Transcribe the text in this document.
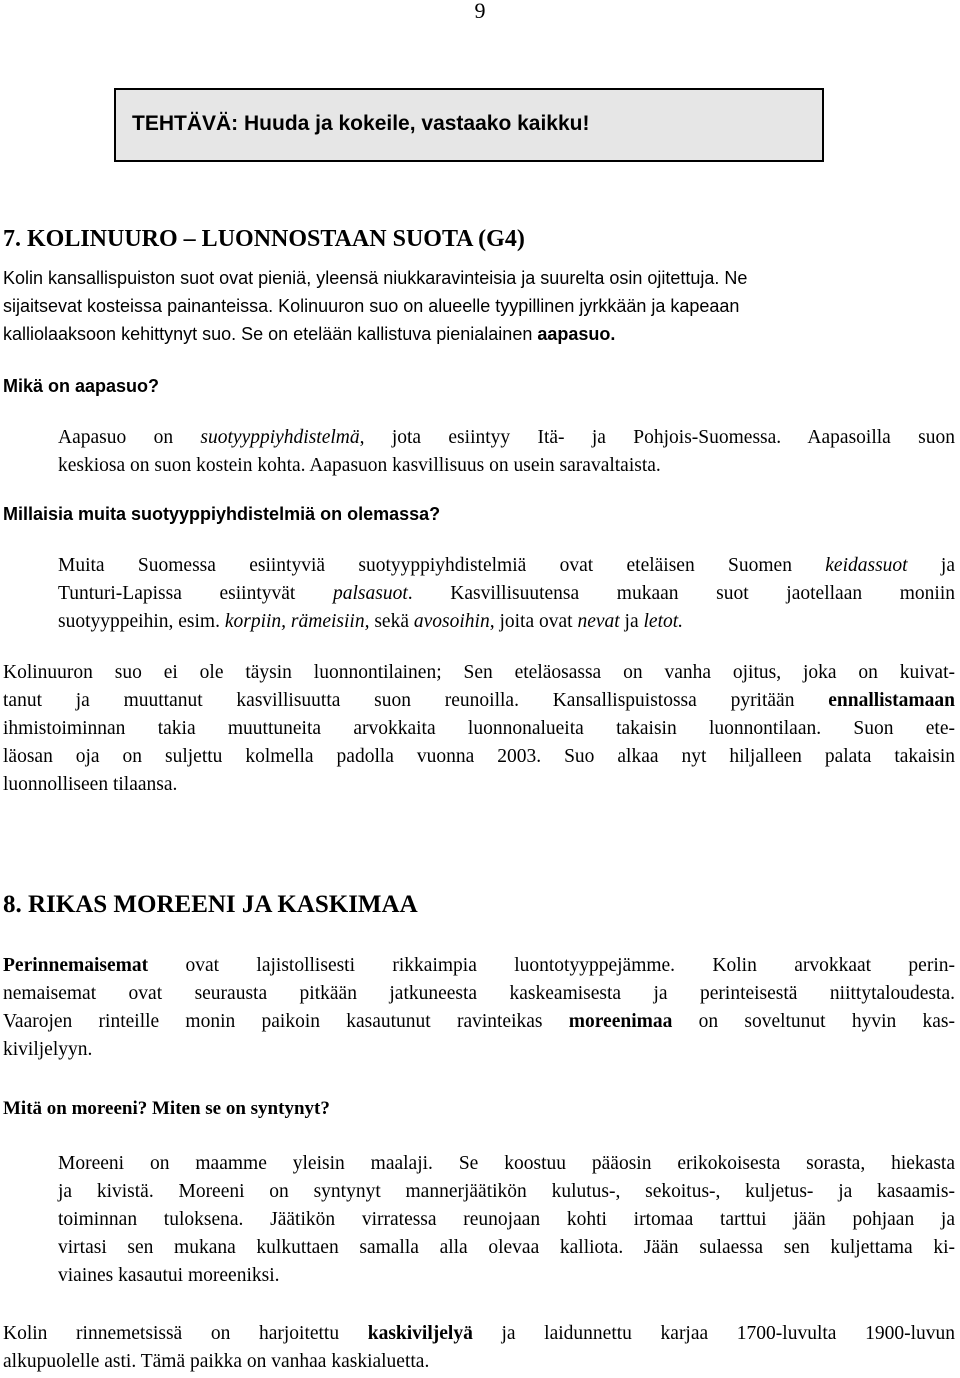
9
TEHTÄVÄ: Huuda ja kokeile, vastaako kaikku!
7. KOLINUURO – LUONNOSTAAN SUOTA (G4)
Kolin kansallispuiston suot ovat pieniä, yleensä niukkaravinteisia ja suurelta osin ojitettuja. Ne
sijaitsevat kosteissa painanteissa. Kolinuuron suo on alueelle tyypillinen jyrkkään ja kapeaan
kalliolaaksoon kehittynyt suo. Se on etelään kallistuva pienialainen aapasuo.
Mikä on aapasuo?
Aapasuo on suotyyppiyhdistelmä, jota esiintyy Itä- ja Pohjois-Suomessa. Aapasoilla suon
keskiosa on suon kostein kohta. Aapasuon kasvillisuus on usein saravaltaista.
Millaisia muita suotyyppiyhdistelmiä on olemassa?
Muita Suomessa esiintyviä suotyyppiyhdistelmiä ovat eteläisen Suomen keidassuot ja
Tunturi-Lapissa esiintyvät palsasuot. Kasvillisuutensa mukaan suot jaotellaan moniin
suotyyppeihin, esim. korpiin, rämeisiin, sekä avosoihin, joita ovat nevat ja letot.
Kolinuuron suo ei ole täysin luonnontilainen; Sen eteläosassa on vanha ojitus, joka on kuivat-
tanut ja muuttanut kasvillisuutta suon reunoilla. Kansallispuistossa pyritään ennallistamaan
ihmistoiminnan takia muuttuneita arvokkaita luonnonalueita takaisin luonnontilaan. Suon ete-
läosan oja on suljettu kolmella padolla vuonna 2003. Suo alkaa nyt hiljalleen palata takaisin
luonnolliseen tilaansa.
8. RIKAS MOREENI JA KASKIMAA
Perinnemaisemat ovat lajistollisesti rikkaimpia luontotyyppejämme. Kolin arvokkaat perin-
nemaisemat ovat seurausta pitkään jatkuneesta kaskeamisesta ja perinteisestä niittytaloudesta.
Vaarojen rinteille monin paikoin kasautunut ravinteikas moreenimaa on soveltunut hyvin kas-
kiviljelyyn.
Mitä on moreeni? Miten se on syntynyt?
Moreeni on maamme yleisin maalaji. Se koostuu pääosin erikokoisesta sorasta, hiekasta
ja kivistä. Moreeni on syntynyt mannerjäätikön kulutus-, sekoitus-, kuljetus- ja kasaamis-
toiminnan tuloksena. Jäätikön virratessa reunojaan kohti irtomaa tarttui jään pohjaan ja
virtasi sen mukana kulkuttaen samalla alla olevaa kalliota. Jään sulaessa sen kuljettama ki-
viaines kasautui moreeniksi.
Kolin rinnemetsissä on harjoitettu kaskiviljelyä ja laidunnettu karjaa 1700-luvulta 1900-luvun
alkupuolelle asti. Tämä paikka on vanhaa kaskialuetta.
